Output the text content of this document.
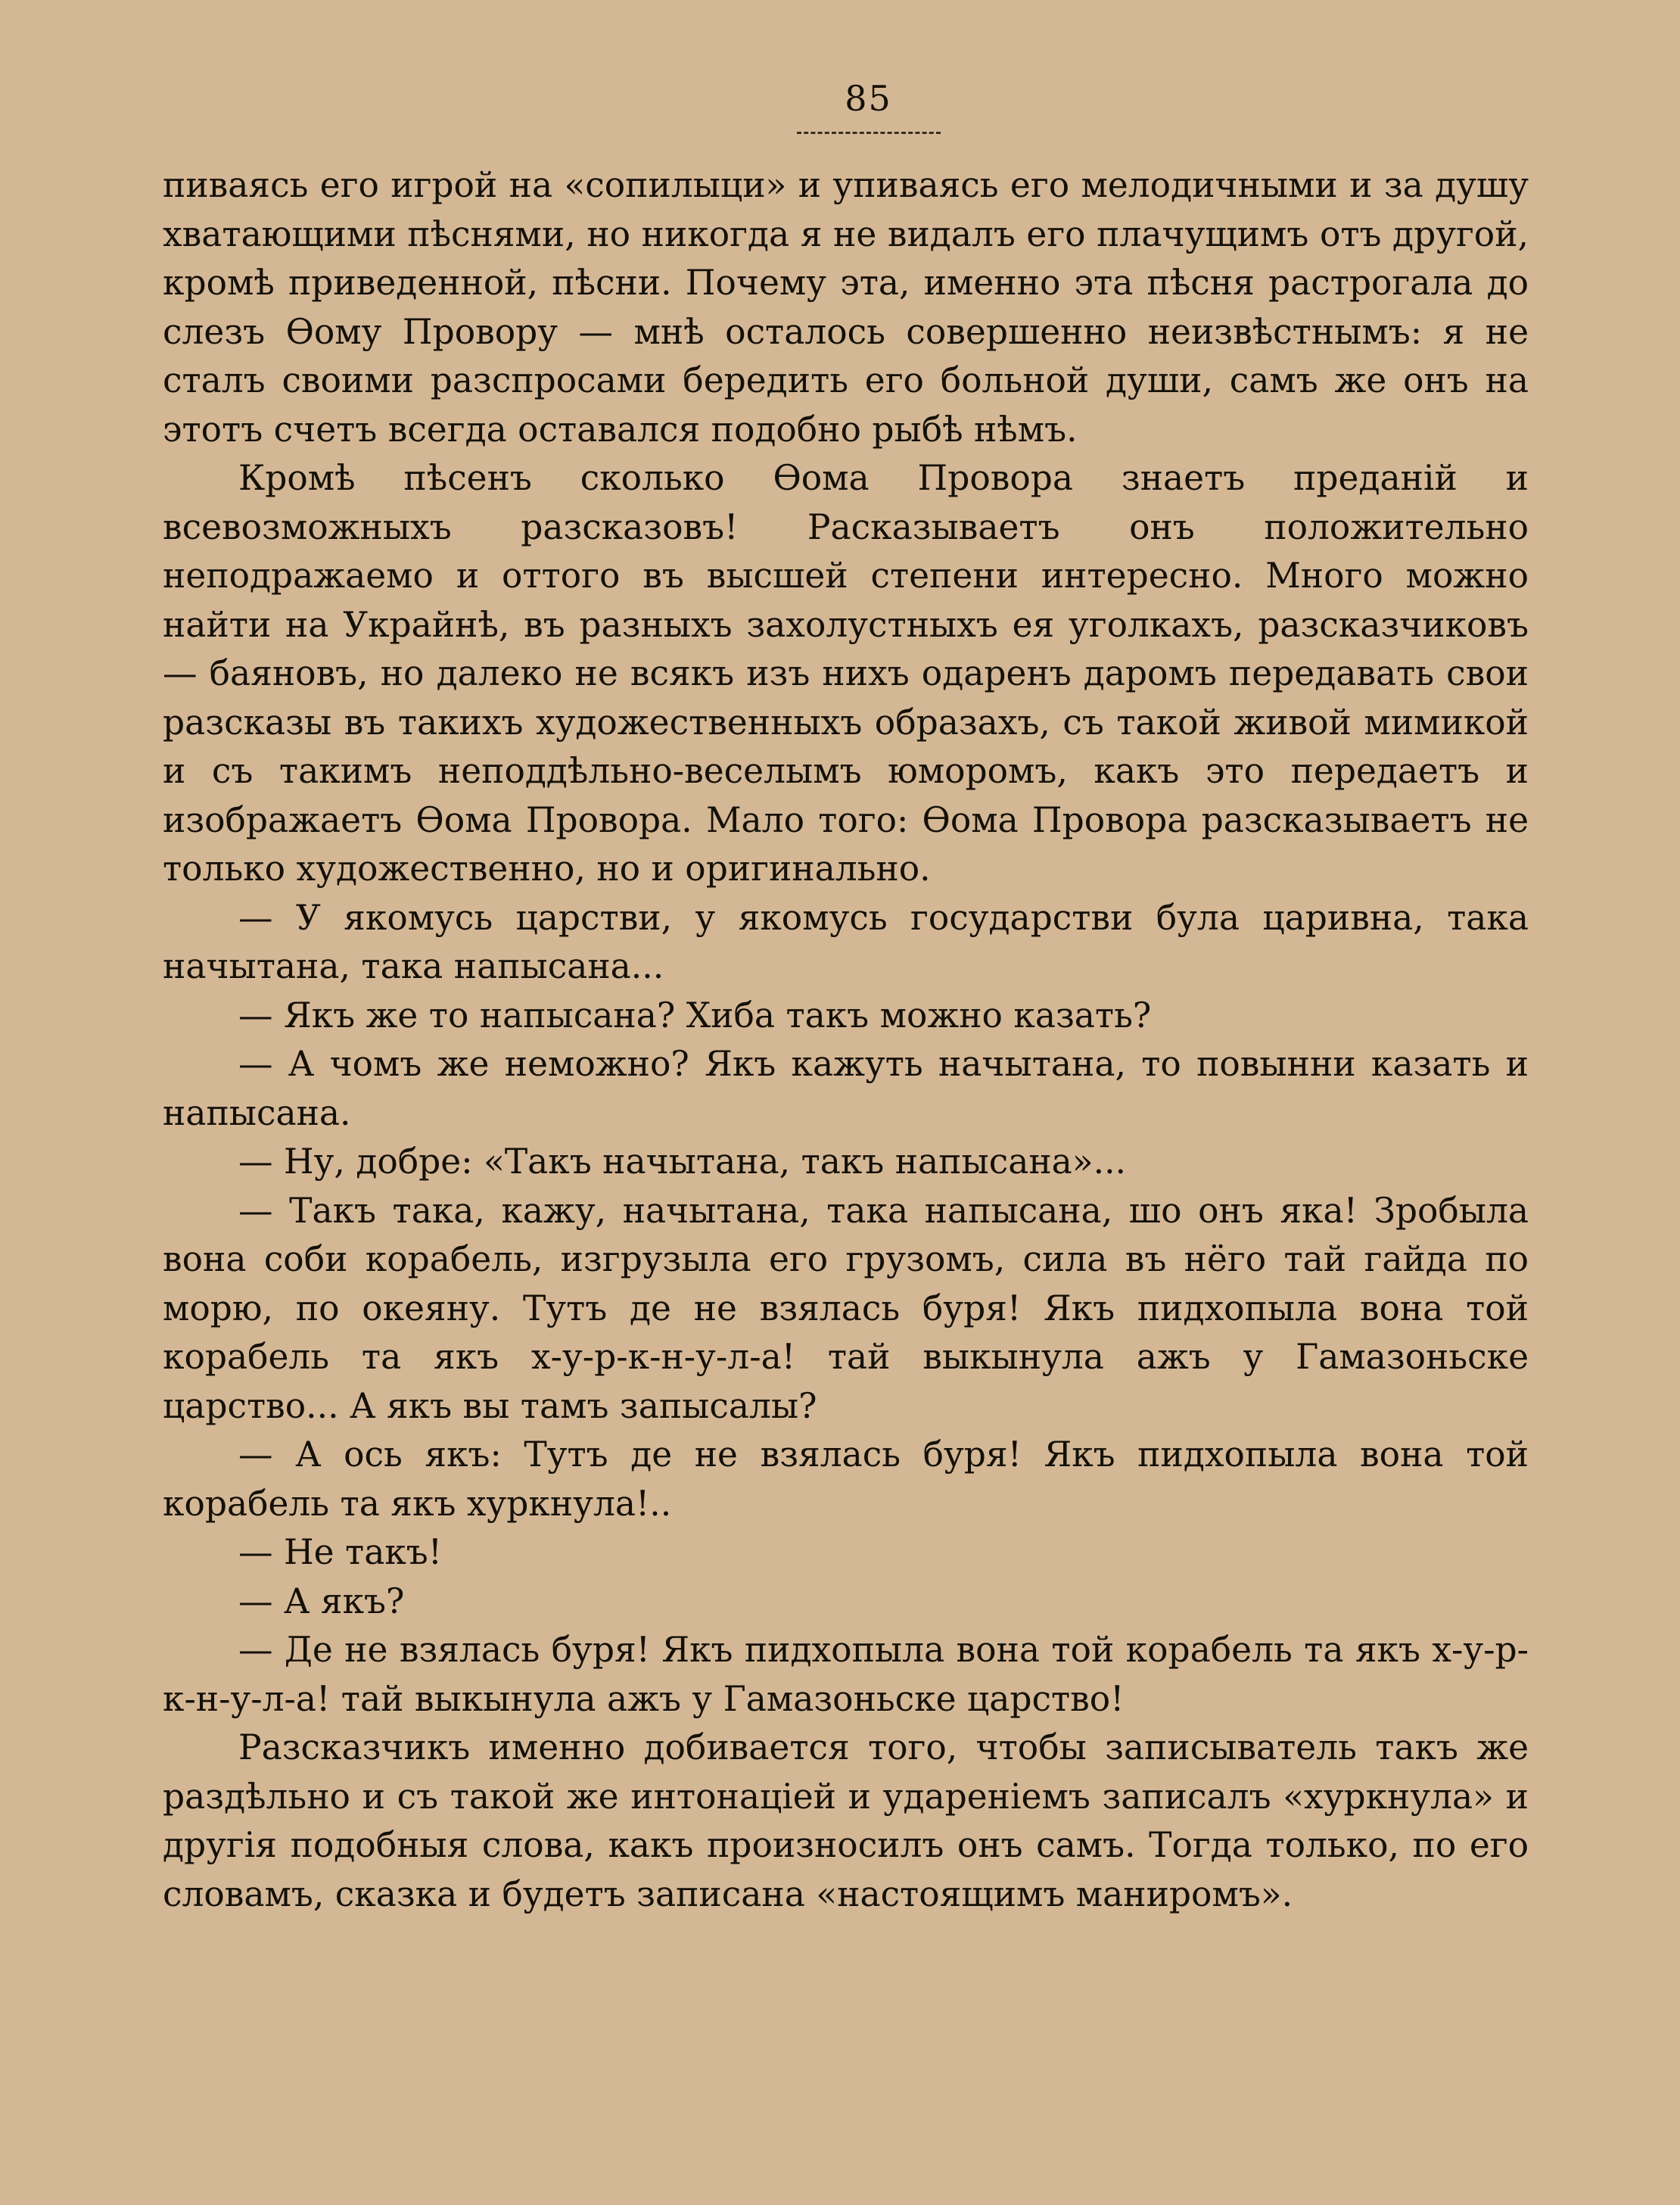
85

пиваясь его игрой на «сопилыци» и упиваясь его мелодичными и за душу хватающими пѣснями, но никогда я не видалъ его плачущимъ отъ другой, кромѣ приведенной, пѣсни. Почему эта, именно эта пѣсня растрогала до слезъ Ѳому Провору — мнѣ осталось совершенно неизвѣстнымъ: я не сталъ своими разспросами бередить его больной души, самъ же онъ на этотъ счетъ всегда оставался подобно рыбѣ нѣмъ.

Кромѣ пѣсенъ сколько Ѳома Провора знаетъ преданій и всевозможныхъ разсказовъ! Расказываетъ онъ положительно неподражаемо и оттого въ высшей степени интересно. Много можно найти на Украйнѣ, въ разныхъ захолустныхъ ея уголкахъ, разсказчиковъ— баяновъ, но далеко не всякъ изъ нихъ одаренъ даромъ передавать свои разсказы въ такихъ художественныхъ образахъ, съ такой живой мимикой и съ такимъ неподдѣльно-веселымъ юморомъ, какъ это передаетъ и изображаетъ Ѳома Провора. Мало того: Ѳома Провора разсказываетъ не только художественно, но и оригинально.

— У якомусь царстви, у якомусь государстви була царивна, така начытана, така напысана...

— Якъ же то напысана? Хиба такъ можно казать?

— А чомъ же неможно? Якъ кажуть начытана, то повынни казать и напысана.

— Ну, добре: «Такъ начытана, такъ напысана»...

— Такъ така, кажу, начытана, така напысана, шо онъ яка! Зробыла вона соби корабель, изгрузыла его грузомъ, сила въ нёго тай гайда по морю, по океяну. Тутъ де не взялась буря! Якъ пидхопыла вона той корабель та якъ х-у-р-к-н-у-л-а! тай выкынула ажъ у Гамазоньске царство... А якъ вы тамъ запысалы?

— А ось якъ: Тутъ де не взялась буря! Якъ пидхопыла вона той корабель та якъ хуркнула!..

— Не такъ!

— А якъ?

— Де не взялась буря! Якъ пидхопыла вона той корабель та якъ х-у-р-к-н-у-л-а! тай выкынула ажъ у Гамазоньске царство!

Разсказчикъ именно добивается того, чтобы записыватель такъ же раздѣльно и съ такой же интонаціей и удареніемъ записалъ «хуркнула» и другія подобныя слова, какъ произносилъ онъ самъ. Тогда только, по его словамъ, сказка и будетъ записана «настоящимъ маниромъ».
